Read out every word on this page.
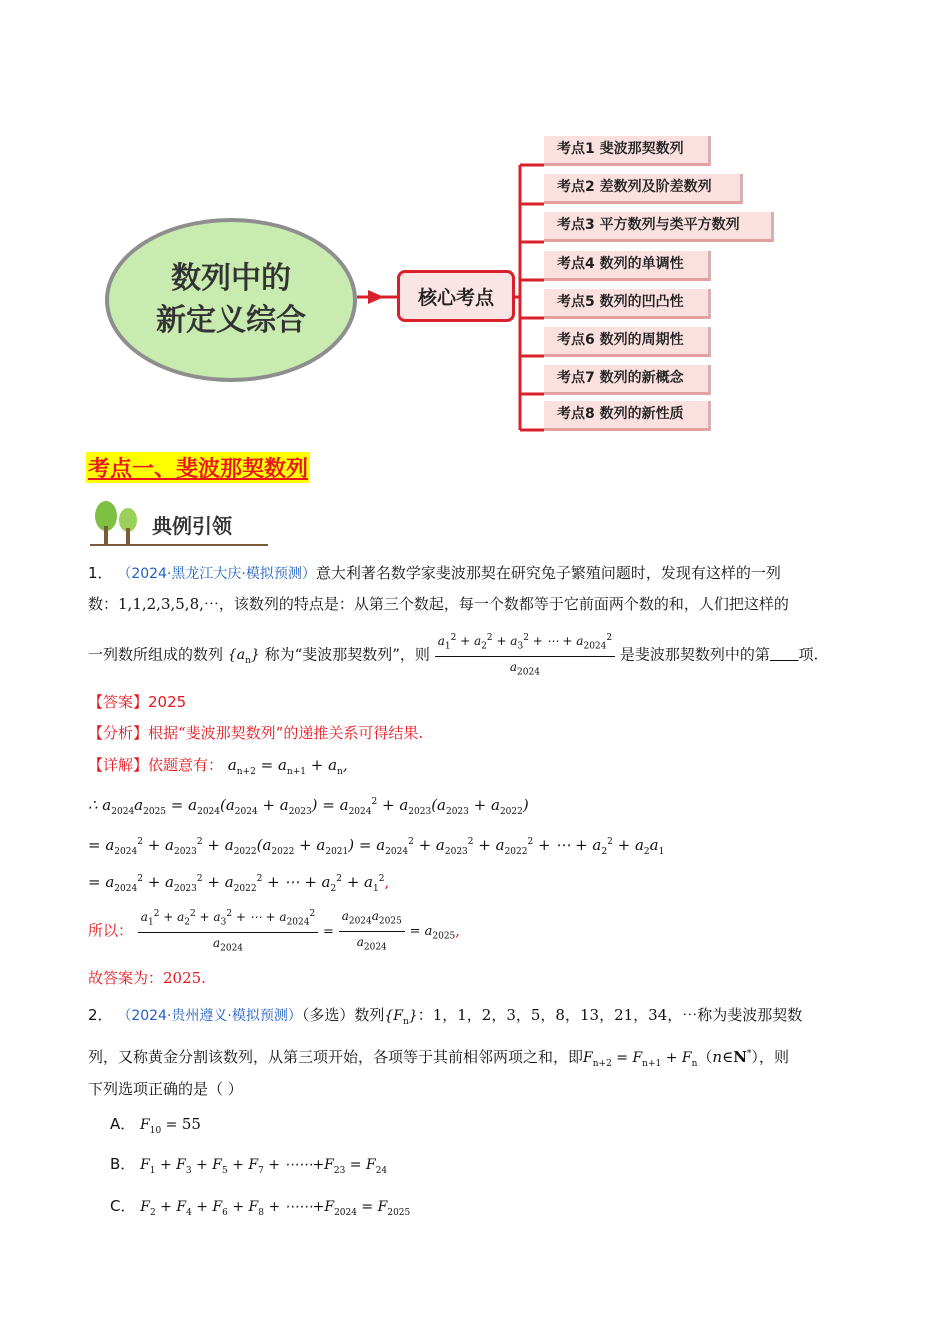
数列中的
新定义综合
核心考点
考点1 斐波那契数列
考点2 差数列及阶差数列
考点3 平方数列与类平方数列
考点4 数列的单调性
考点5 数列的凹凸性
考点6 数列的周期性
考点7 数列的新概念
考点8 数列的新性质
考点一、斐波那契数列
典例引领
1． （2024·黑龙江大庆·模拟预测）意大利著名数学家斐波那契在研究兔子繁殖问题时，发现有这样的一列
数：1,1,2,3,5,8,⋯，该数列的特点是：从第三个数起，每一个数都等于它前面两个数的和，人们把这样的
一列数所组成的数列 $\{a_n\}$ 称为“斐波那契数列”，则 $\frac{a_1^2 + a_2^2 + a_3^2 + \cdots + a_{2024}^2}{a_{2024}}$ 是斐波那契数列中的第 项.
【答案】2025
【分析】根据“斐波那契数列”的递推关系可得结果.
【详解】依题意有： $a_{n+2} = a_{n+1} + a_n$,
∴ $a_{2024}a_{2025} = a_{2024}(a_{2024} + a_{2023}) = a_{2024}^2 + a_{2023}(a_{2023} + a_{2022})$
= $a_{2024}^2 + a_{2023}^2 + a_{2022}(a_{2022} + a_{2021}) = a_{2024}^2 + a_{2023}^2 + a_{2022}^2$ + ⋯ + $a_2^2 + a_2a_1$
= $a_{2024}^2 + a_{2023}^2 + a_{2022}^2$ + ⋯ + $a_2^2 + a_1^2$,
所以： $\frac{a_1^2 + a_2^2 + a_3^2 + \cdots + a_{2024}^2}{a_{2024}} = \frac{a_{2024}a_{2025}}{a_{2024}} = a_{2025}$,
故答案为：2025.
2． （2024·贵州遵义·模拟预测）（多选）数列$\{F_n\}$：1，1，2，3，5，8，13，21，34，⋯称为斐波那契数
列，又称黄金分割该数列，从第三项开始，各项等于其前相邻两项之和，即$F_{n+2} = F_{n+1}$ + $F_n(n\in N^*)$，则
下列选项正确的是（ ）
A． $F_{10} = 55$
B． $F_1 + F_3 + F_5 + F_7$ + $\cdots\cdots+F_{23} = F_{24}$
C． $F_2 + F_4 + F_6 + F_8$ + $\cdots\cdots+F_{2024} = F_{2025}$
